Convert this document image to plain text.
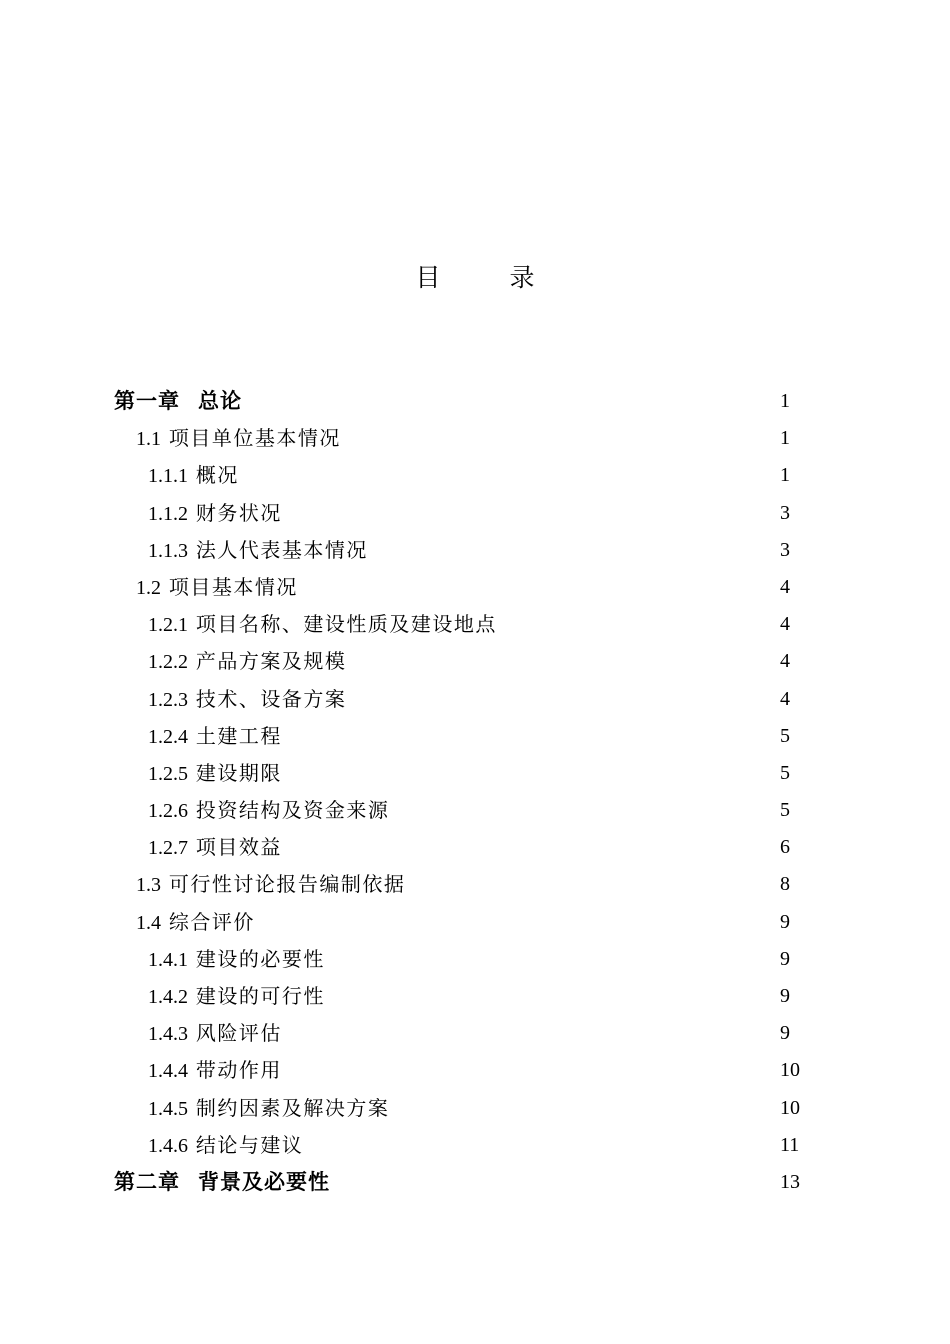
目　录
第一章 总论	1
1.1 项目单位基本情况	1
1.1.1 概况	1
1.1.2 财务状况	3
1.1.3 法人代表基本情况	3
1.2 项目基本情况	4
1.2.1 项目名称、建设性质及建设地点	4
1.2.2 产品方案及规模	4
1.2.3 技术、设备方案	4
1.2.4 土建工程	5
1.2.5 建设期限	5
1.2.6 投资结构及资金来源	5
1.2.7 项目效益	6
1.3 可行性讨论报告编制依据	8
1.4 综合评价	9
1.4.1 建设的必要性	9
1.4.2 建设的可行性	9
1.4.3 风险评估	9
1.4.4 带动作用	10
1.4.5 制约因素及解决方案	10
1.4.6 结论与建议	11
第二章 背景及必要性	13
